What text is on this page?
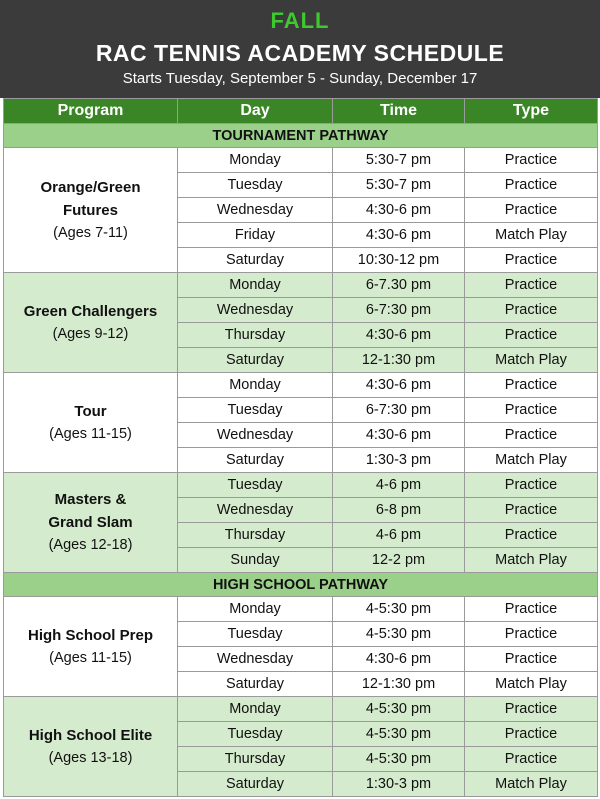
FALL
RAC TENNIS ACADEMY SCHEDULE
Starts Tuesday, September 5 - Sunday, December 17
Program	Day	Time	Type
TOURNAMENT PATHWAY			

Orange/Green
Futures
(Ages 7-11)	Monday	5:30-7 pm	Practice
	Tuesday	5:30-7 pm	Practice
	Wednesday	4:30-6 pm	Practice
	Friday	4:30-6 pm	Match Play
	Saturday	10:30-12 pm	Practice

Green Challengers
(Ages 9-12)	Monday	6-7.30 pm	Practice
	Wednesday	6-7:30 pm	Practice
	Thursday	4:30-6 pm	Practice
	Saturday	12-1:30 pm	Match Play

Tour
(Ages 11-15)	Monday	4:30-6 pm	Practice
	Tuesday	6-7:30 pm	Practice
	Wednesday	4:30-6 pm	Practice
	Saturday	1:30-3 pm	Match Play

Masters &
Grand Slam
(Ages 12-18)	Tuesday	4-6 pm	Practice
	Wednesday	6-8 pm	Practice
	Thursday	4-6 pm	Practice
	Sunday	12-2 pm	Match Play
HIGH SCHOOL PATHWAY			

High School Prep
(Ages 11-15)	Monday	4-5:30 pm	Practice
	Tuesday	4-5:30 pm	Practice
	Wednesday	4:30-6 pm	Practice
	Saturday	12-1:30 pm	Match Play

High School Elite
(Ages 13-18)	Monday	4-5:30 pm	Practice
	Tuesday	4-5:30 pm	Practice
	Thursday	4-5:30 pm	Practice
	Saturday	1:30-3 pm	Match Play
